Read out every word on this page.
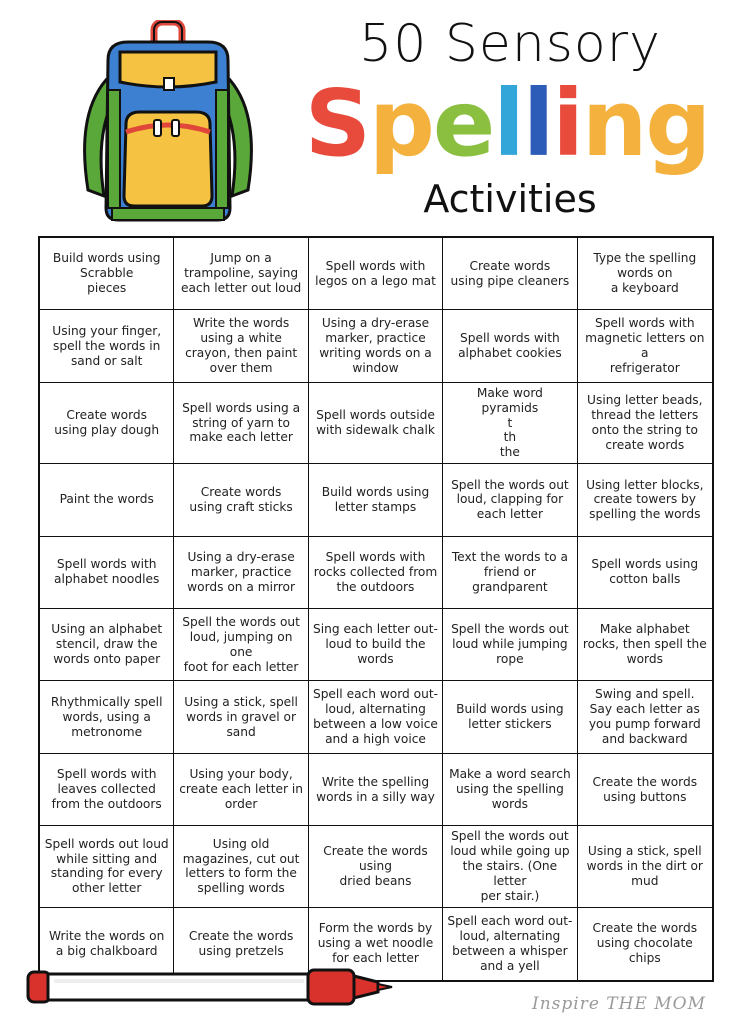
50 Sensory
Spelling
Activities
Build words using
Scrabble
pieces
Jump on a
trampoline, saying
each letter out loud
Spell words with
legos on a lego mat
Create words
using pipe cleaners
Type the spelling
words on
a keyboard
Using your finger,
spell the words in
sand or salt
Write the words
using a white
crayon, then paint
over them
Using a dry-erase
marker, practice
writing words on a
window
Spell words with
alphabet cookies
Spell words with
magnetic letters on a
refrigerator
Create words
using play dough
Spell words using a
string of yarn to
make each letter
Spell words outside
with sidewalk chalk
Make word pyramids
t
th
the
Using letter beads,
thread the letters
onto the string to
create words
Paint the words
Create words
using craft sticks
Build words using
letter stamps
Spell the words out
loud, clapping for
each letter
Using letter blocks,
create towers by
spelling the words
Spell words with
alphabet noodles
Using a dry-erase
marker, practice
words on a mirror
Spell words with
rocks collected from
the outdoors
Text the words to a
friend or
grandparent
Spell words using
cotton balls
Using an alphabet
stencil, draw the
words onto paper
Spell the words out
loud, jumping on one
foot for each letter
Sing each letter out-
loud to build the
words
Spell the words out
loud while jumping
rope
Make alphabet
rocks, then spell the
words
Rhythmically spell
words, using a
metronome
Using a stick, spell
words in gravel or
sand
Spell each word out-
loud, alternating
between a low voice
and a high voice
Build words using
letter stickers
Swing and spell.
Say each letter as
you pump forward
and backward
Spell words with
leaves collected
from the outdoors
Using your body,
create each letter in
order
Write the spelling
words in a silly way
Make a word search
using the spelling
words
Create the words
using buttons
Spell words out loud
while sitting and
standing for every
other letter
Using old
magazines, cut out
letters to form the
spelling words
Create the words
using
dried beans
Spell the words out
loud while going up
the stairs. (One letter
per stair.)
Using a stick, spell
words in the dirt or
mud
Write the words on
a big chalkboard
Create the words
using pretzels
Form the words by
using a wet noodle
for each letter
Spell each word out-
loud, alternating
between a whisper
and a yell
Create the words
using chocolate
chips
Inspire THE MOM
